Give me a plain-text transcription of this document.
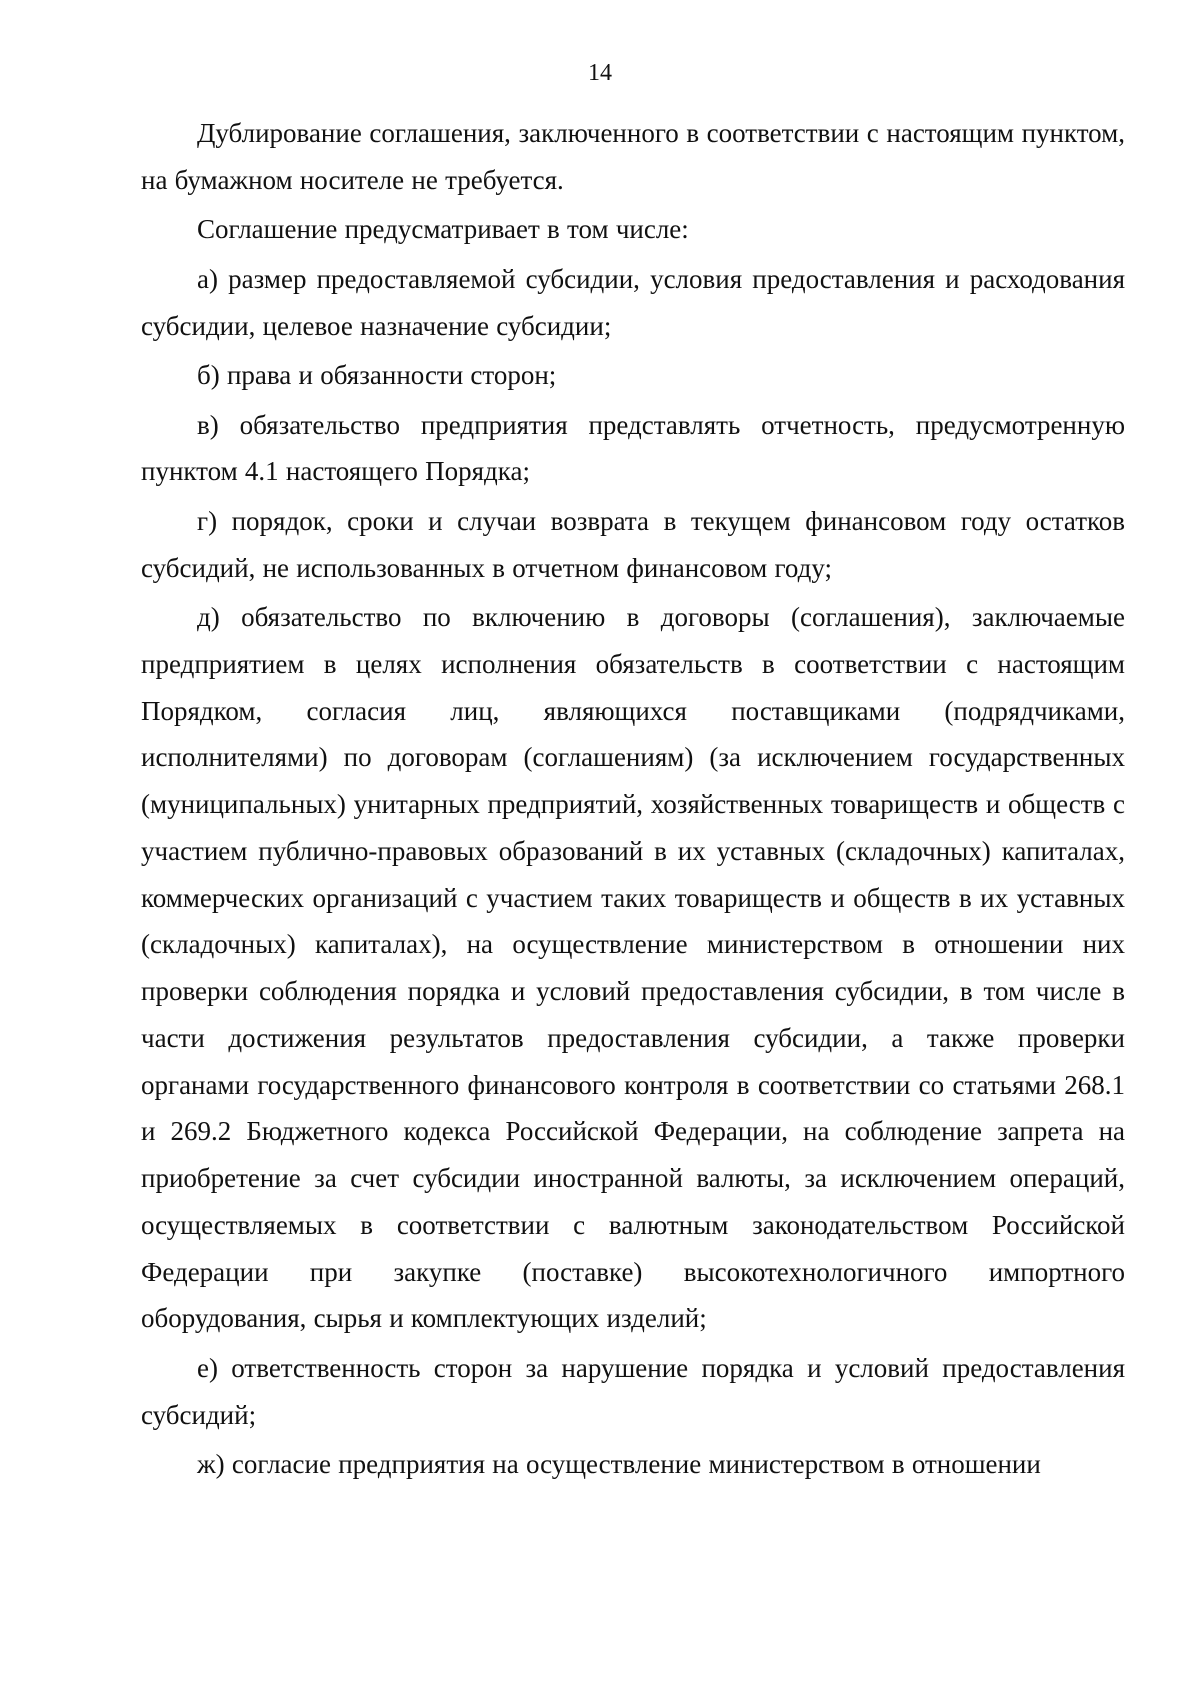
14

Дублирование соглашения, заключенного в соответствии с настоящим пунктом, на бумажном носителе не требуется.

Соглашение предусматривает в том числе:

а) размер предоставляемой субсидии, условия предоставления и расходования субсидии, целевое назначение субсидии;

б) права и обязанности сторон;

в) обязательство предприятия представлять отчетность, предусмотренную пунктом 4.1 настоящего Порядка;

г) порядок, сроки и случаи возврата в текущем финансовом году остатков субсидий, не использованных в отчетном финансовом году;

д) обязательство по включению в договоры (соглашения), заключаемые предприятием в целях исполнения обязательств в соответствии с настоящим Порядком, согласия лиц, являющихся поставщиками (подрядчиками, исполнителями) по договорам (соглашениям) (за исключением государственных (муниципальных) унитарных предприятий, хозяйственных товариществ и обществ с участием публично-правовых образований в их уставных (складочных) капиталах, коммерческих организаций с участием таких товариществ и обществ в их уставных (складочных) капиталах), на осуществление министерством в отношении них проверки соблюдения порядка и условий предоставления субсидии, в том числе в части достижения результатов предоставления субсидии, а также проверки органами государственного финансового контроля в соответствии со статьями 268.1 и 269.2 Бюджетного кодекса Российской Федерации, на соблюдение запрета на приобретение за счет субсидии иностранной валюты, за исключением операций, осуществляемых в соответствии с валютным законодательством Российской Федерации при закупке (поставке) высокотехнологичного импортного оборудования, сырья и комплектующих изделий;

е) ответственность сторон за нарушение порядка и условий предоставления субсидий;

ж) согласие предприятия на осуществление министерством в отношении
